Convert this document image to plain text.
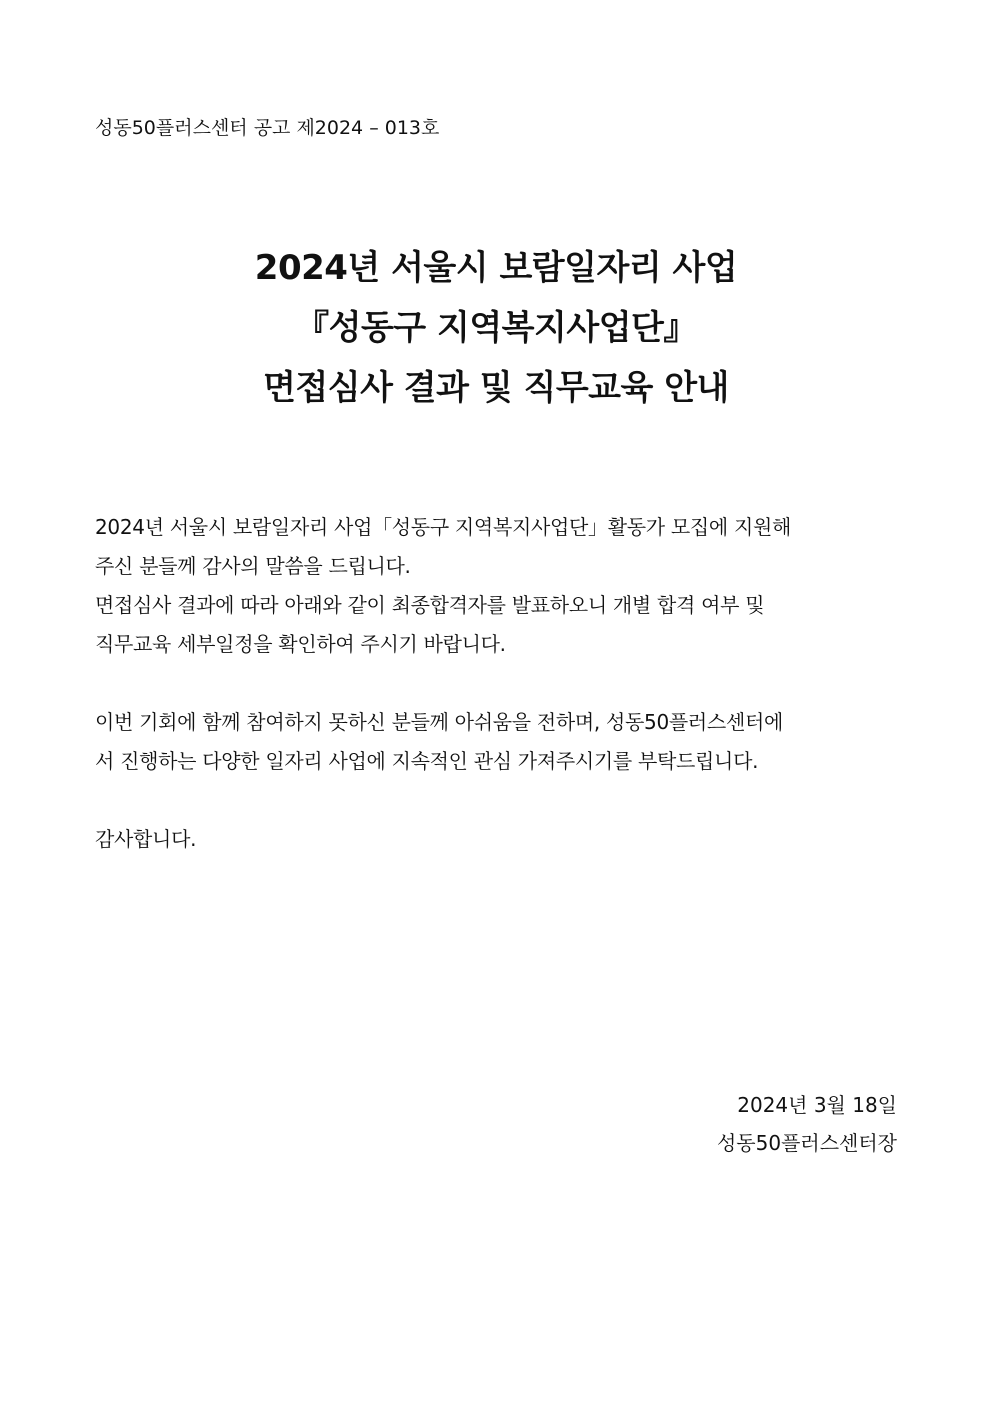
성동50플러스센터 공고 제2024 – 013호
2024년 서울시 보람일자리 사업
『성동구 지역복지사업단』
면접심사 결과 및 직무교육 안내

2024년 서울시 보람일자리 사업「성동구 지역복지사업단」활동가 모집에 지원해

주신 분들께 감사의 말씀을 드립니다.

면접심사 결과에 따라 아래와 같이 최종합격자를 발표하오니 개별 합격 여부 및

직무교육 세부일정을 확인하여 주시기 바랍니다.

이번 기회에 함께 참여하지 못하신 분들께 아쉬움을 전하며, 성동50플러스센터에

서 진행하는 다양한 일자리 사업에 지속적인 관심 가져주시기를 부탁드립니다.

감사합니다.

2024년 3월 18일
성동50플러스센터장
